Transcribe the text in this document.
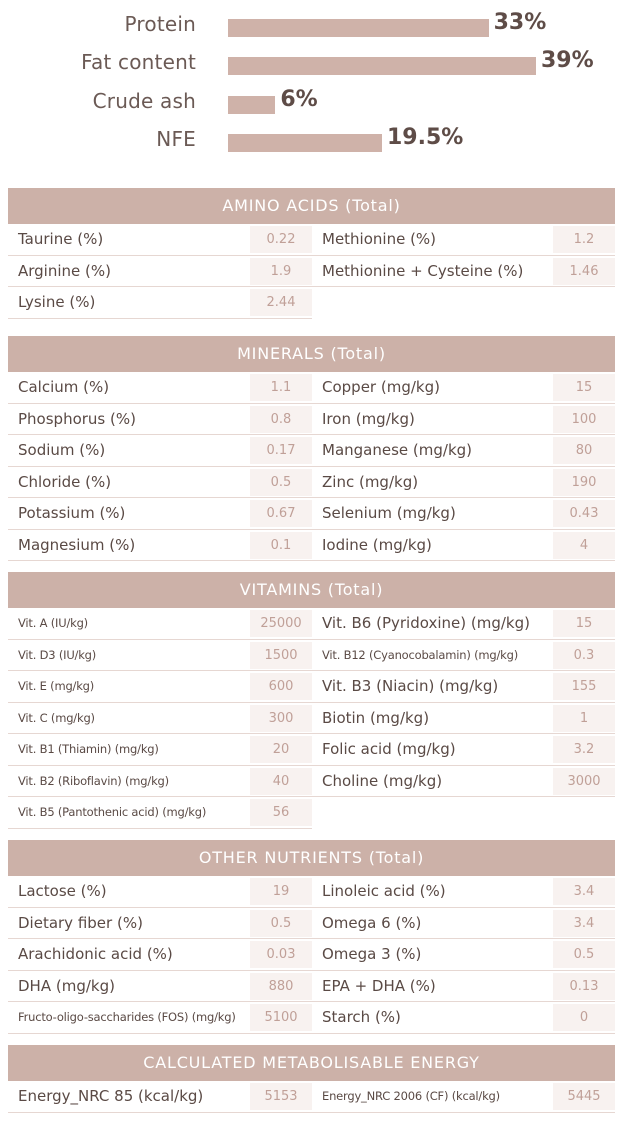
Protein	33%
Fat content	39%
Crude ash	6%
NFE	19.5%
AMINO ACIDS (Total)
Taurine (%)	0.22	Methionine (%)	1.2
Arginine (%)	1.9	Methionine + Cysteine (%)	1.46
Lysine (%)	2.44
MINERALS (Total)
Calcium (%)	1.1	Copper (mg/kg)	15
Phosphorus (%)	0.8	Iron (mg/kg)	100
Sodium (%)	0.17	Manganese (mg/kg)	80
Chloride (%)	0.5	Zinc (mg/kg)	190
Potassium (%)	0.67	Selenium (mg/kg)	0.43
Magnesium (%)	0.1	Iodine (mg/kg)	4
VITAMINS (Total)
Vit. A (IU/kg)	25000	Vit. B6 (Pyridoxine) (mg/kg)	15
Vit. D3 (IU/kg)	1500	Vit. B12 (Cyanocobalamin) (mg/kg)	0.3
Vit. E (mg/kg)	600	Vit. B3 (Niacin) (mg/kg)	155
Vit. C (mg/kg)	300	Biotin (mg/kg)	1
Vit. B1 (Thiamin) (mg/kg)	20	Folic acid (mg/kg)	3.2
Vit. B2 (Riboflavin) (mg/kg)	40	Choline (mg/kg)	3000
Vit. B5 (Pantothenic acid) (mg/kg)	56
OTHER NUTRIENTS (Total)
Lactose (%)	19	Linoleic acid (%)	3.4
Dietary fiber (%)	0.5	Omega 6 (%)	3.4
Arachidonic acid (%)	0.03	Omega 3 (%)	0.5
DHA (mg/kg)	880	EPA + DHA (%)	0.13
Fructo-oligo-saccharides (FOS) (mg/kg)	5100	Starch (%)	0
CALCULATED METABOLISABLE ENERGY
Energy_NRC 85 (kcal/kg)	5153	Energy_NRC 2006 (CF) (kcal/kg)	5445
